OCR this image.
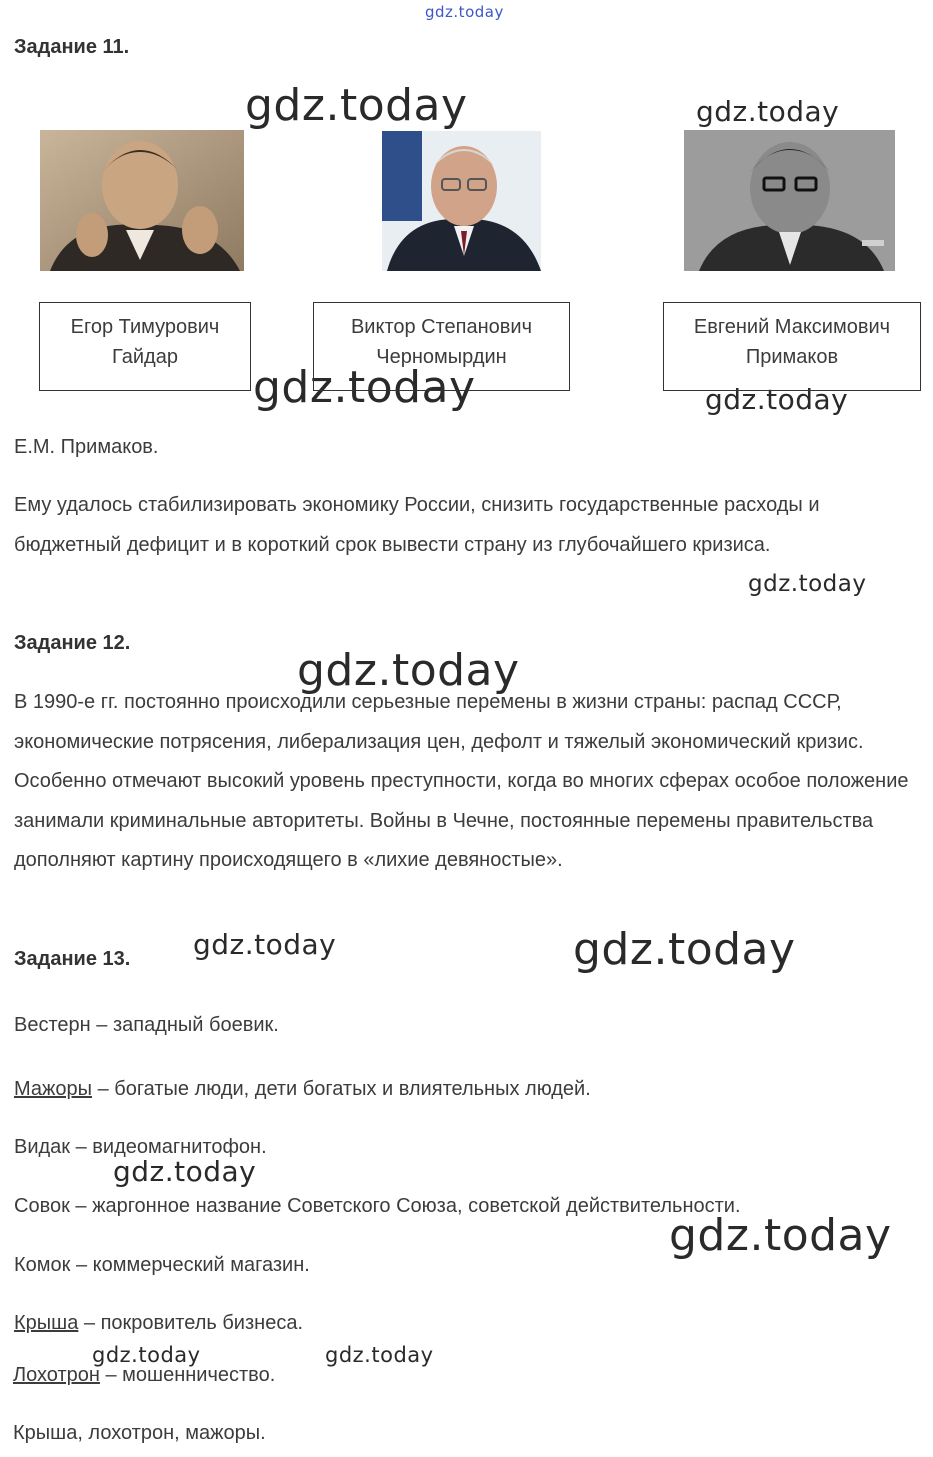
gdz.today
gdz.today	gdz.today
gdz.today	gdz.today
gdz.today
gdz.today
gdz.today	gdz.today
gdz.today
gdz.today
gdz.today	gdz.today
Задание 11.
Егор Тимурович
Гайдар
Виктор Степанович
Черномырдин
Евгений Максимович
Примаков
Е.М. Примаков.
Ему удалось стабилизировать экономику России, снизить государственные расходы и бюджетный дефицит и в короткий срок вывести страну из глубочайшего кризиса.
Задание 12.
В 1990-е гг. постоянно происходили серьезные перемены в жизни страны: распад СССР, экономические потрясения, либерализация цен, дефолт и тяжелый экономический кризис. Особенно отмечают высокий уровень преступности, когда во многих сферах особое положение занимали криминальные авторитеты. Войны в Чечне, постоянные перемены правительства дополняют картину происходящего в «лихие девяностые».
Задание 13.
Вестерн – западный боевик.
Мажоры – богатые люди, дети богатых и влиятельных людей.
Видак – видеомагнитофон.
Совок – жаргонное название Советского Союза, советской действительности.
Комок – коммерческий магазин.
Крыша – покровитель бизнеса.
Лохотрон – мошенничество.
Крыша, лохотрон, мажоры.
